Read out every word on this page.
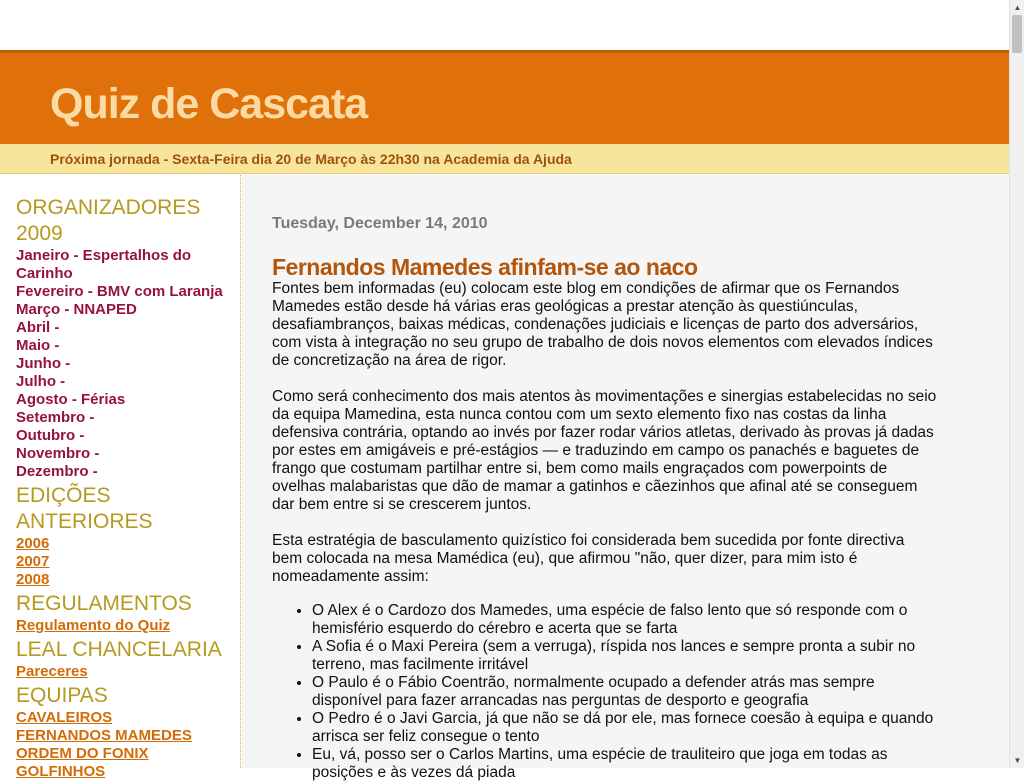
Quiz de Cascata
Próxima jornada - Sexta-Feira dia 20 de Março às 22h30 na Academia da Ajuda
ORGANIZADORES 2009
Janeiro - Espertalhos do Carinho
Fevereiro - BMV com Laranja
Março - NNAPED
Abril -
Maio -
Junho -
Julho -
Agosto - Férias
Setembro -
Outubro -
Novembro -
Dezembro -
EDIÇÕES ANTERIORES
2006
2007
2008
REGULAMENTOS
Regulamento do Quiz
LEAL CHANCELARIA
Pareceres
EQUIPAS
CAVALEIROS
FERNANDOS MAMEDES
ORDEM DO FONIX
GOLFINHOS
Tuesday, December 14, 2010
Fernandos Mamedes afinfam-se ao naco

Fontes bem informadas (eu) colocam este blog em condições de afirmar que os Fernandos Mamedes estão desde há várias eras geológicas a prestar atenção às questiúnculas, desafiambranços, baixas médicas, condenações judiciais e licenças de parto dos adversários, com vista à integração no seu grupo de trabalho de dois novos elementos com elevados índices de concretização na área de rigor.

Como será conhecimento dos mais atentos às movimentações e sinergias estabelecidas no seio da equipa Mamedina, esta nunca contou com um sexto elemento fixo nas costas da linha defensiva contrária, optando ao invés por fazer rodar vários atletas, derivado às provas já dadas por estes em amigáveis e pré-estágios — e traduzindo em campo os panachés e baguetes de frango que costumam partilhar entre si, bem como mails engraçados com powerpoints de ovelhas malabaristas que dão de mamar a gatinhos e cãezinhos que afinal até se conseguem dar bem entre si se crescerem juntos.

Esta estratégia de basculamento quizístico foi considerada bem sucedida por fonte directiva bem colocada na mesa Mamédica (eu), que afirmou "não, quer dizer, para mim isto é nomeadamente assim:

• O Alex é o Cardozo dos Mamedes, uma espécie de falso lento que só responde com o hemisfério esquerdo do cérebro e acerta que se farta
• A Sofia é o Maxi Pereira (sem a verruga), ríspida nos lances e sempre pronta a subir no terreno, mas facilmente irritável
• O Paulo é o Fábio Coentrão, normalmente ocupado a defender atrás mas sempre disponível para fazer arrancadas nas perguntas de desporto e geografia
• O Pedro é o Javi Garcia, já que não se dá por ele, mas fornece coesão à equipa e quando arrisca ser feliz consegue o tento
• Eu, vá, posso ser o Carlos Martins, uma espécie de trauliteiro que joga em todas as posições e às vezes dá piada
▲
▼
